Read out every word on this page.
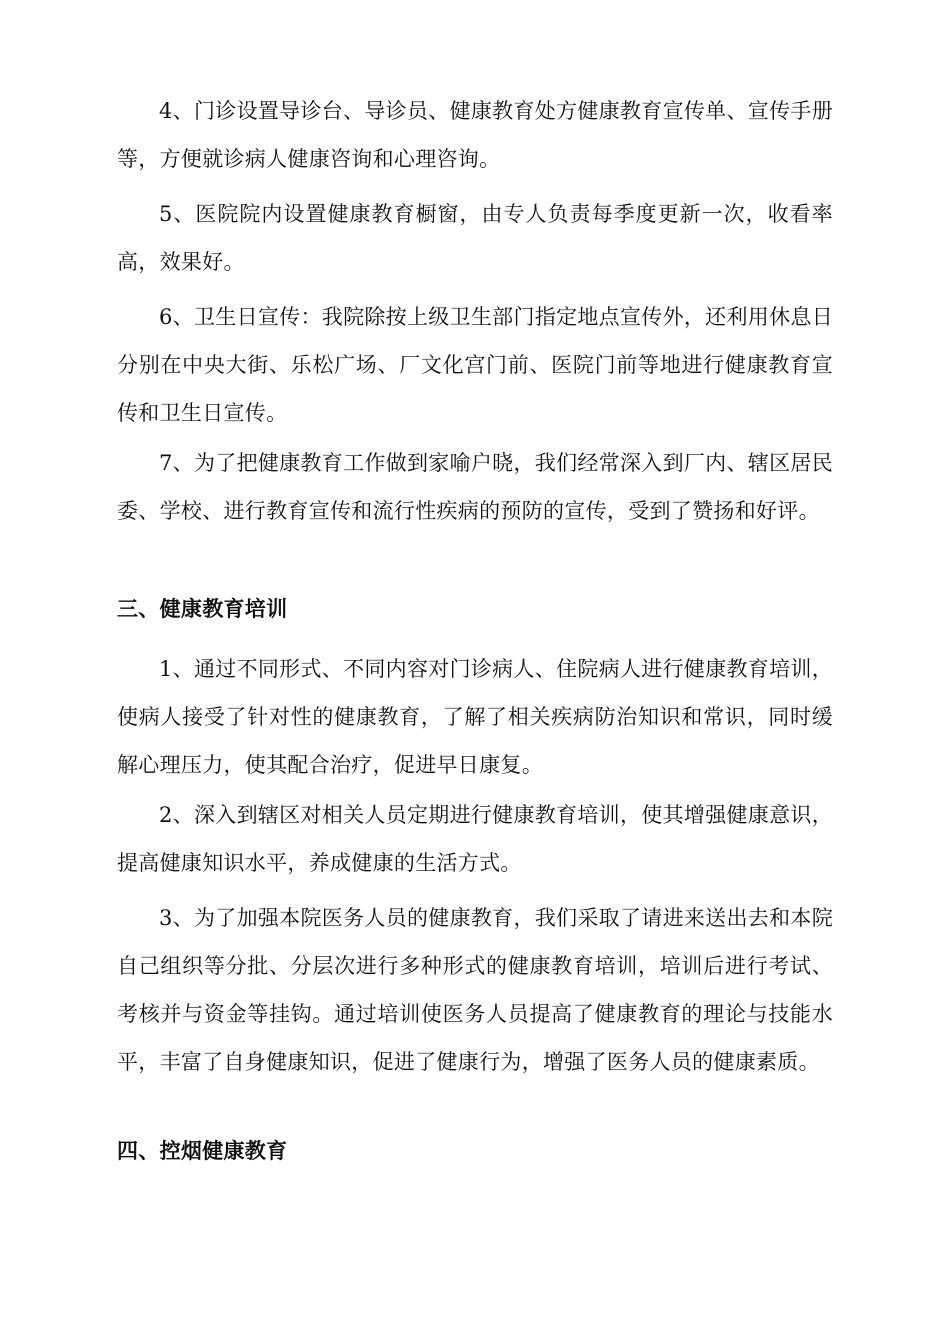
4、门诊设置导诊台、导诊员、健康教育处方健康教育宣传单、宣传手册等，方便就诊病人健康咨询和心理咨询。

5、医院院内设置健康教育橱窗，由专人负责每季度更新一次，收看率高，效果好。

6、卫生日宣传：我院除按上级卫生部门指定地点宣传外，还利用休息日分别在中央大街、乐松广场、厂文化宫门前、医院门前等地进行健康教育宣传和卫生日宣传。

7、为了把健康教育工作做到家喻户晓，我们经常深入到厂内、辖区居民委、学校、进行教育宣传和流行性疾病的预防的宣传，受到了赞扬和好评。

三、健康教育培训

1、通过不同形式、不同内容对门诊病人、住院病人进行健康教育培训，使病人接受了针对性的健康教育，了解了相关疾病防治知识和常识，同时缓解心理压力，使其配合治疗，促进早日康复。

2、深入到辖区对相关人员定期进行健康教育培训，使其增强健康意识，提高健康知识水平，养成健康的生活方式。

3、为了加强本院医务人员的健康教育，我们采取了请进来送出去和本院自己组织等分批、分层次进行多种形式的健康教育培训，培训后进行考试、考核并与资金等挂钩。通过培训使医务人员提高了健康教育的理论与技能水平，丰富了自身健康知识，促进了健康行为，增强了医务人员的健康素质。

四、控烟健康教育
